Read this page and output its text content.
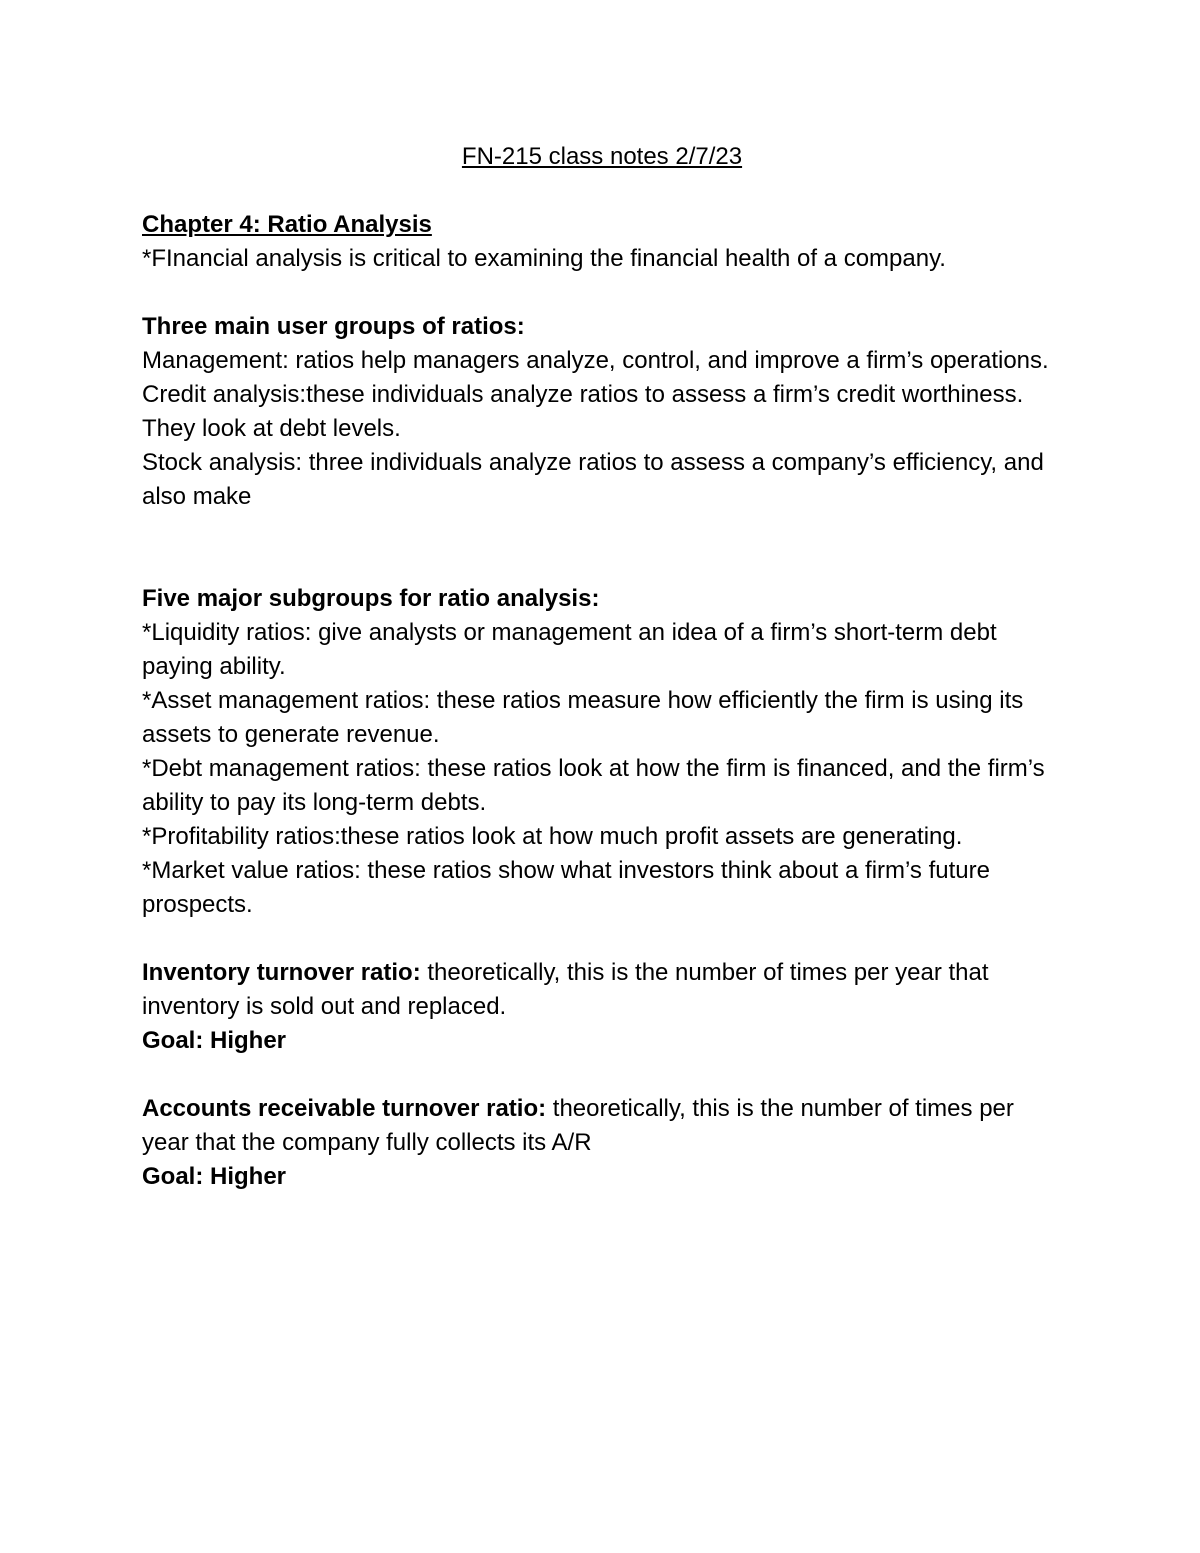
FN-215 class notes 2/7/23

Chapter 4: Ratio Analysis

*FInancial analysis is critical to examining the financial health of a company.

Three main user groups of ratios:

Management: ratios help managers analyze, control, and improve a firm’s operations.

Credit analysis:these individuals analyze ratios to assess a firm’s credit worthiness. They look at debt levels.

Stock analysis: three individuals analyze ratios to assess a company’s efficiency, and also make

Five major subgroups for ratio analysis:

*Liquidity ratios: give analysts or management an idea of a firm’s short-term debt paying ability.

*Asset management ratios: these ratios measure how efficiently the firm is using its assets to generate revenue.

*Debt management ratios: these ratios look at how the firm is financed, and the firm’s ability to pay its long-term debts.

*Profitability ratios:these ratios look at how much profit assets are generating.

*Market value ratios: these ratios show what investors think about a firm’s future prospects.

Inventory turnover ratio: theoretically, this is the number of times per year that inventory is sold out and replaced.

Goal: Higher

Accounts receivable turnover ratio: theoretically, this is the number of times per year that the company fully collects its A/R

Goal: Higher
